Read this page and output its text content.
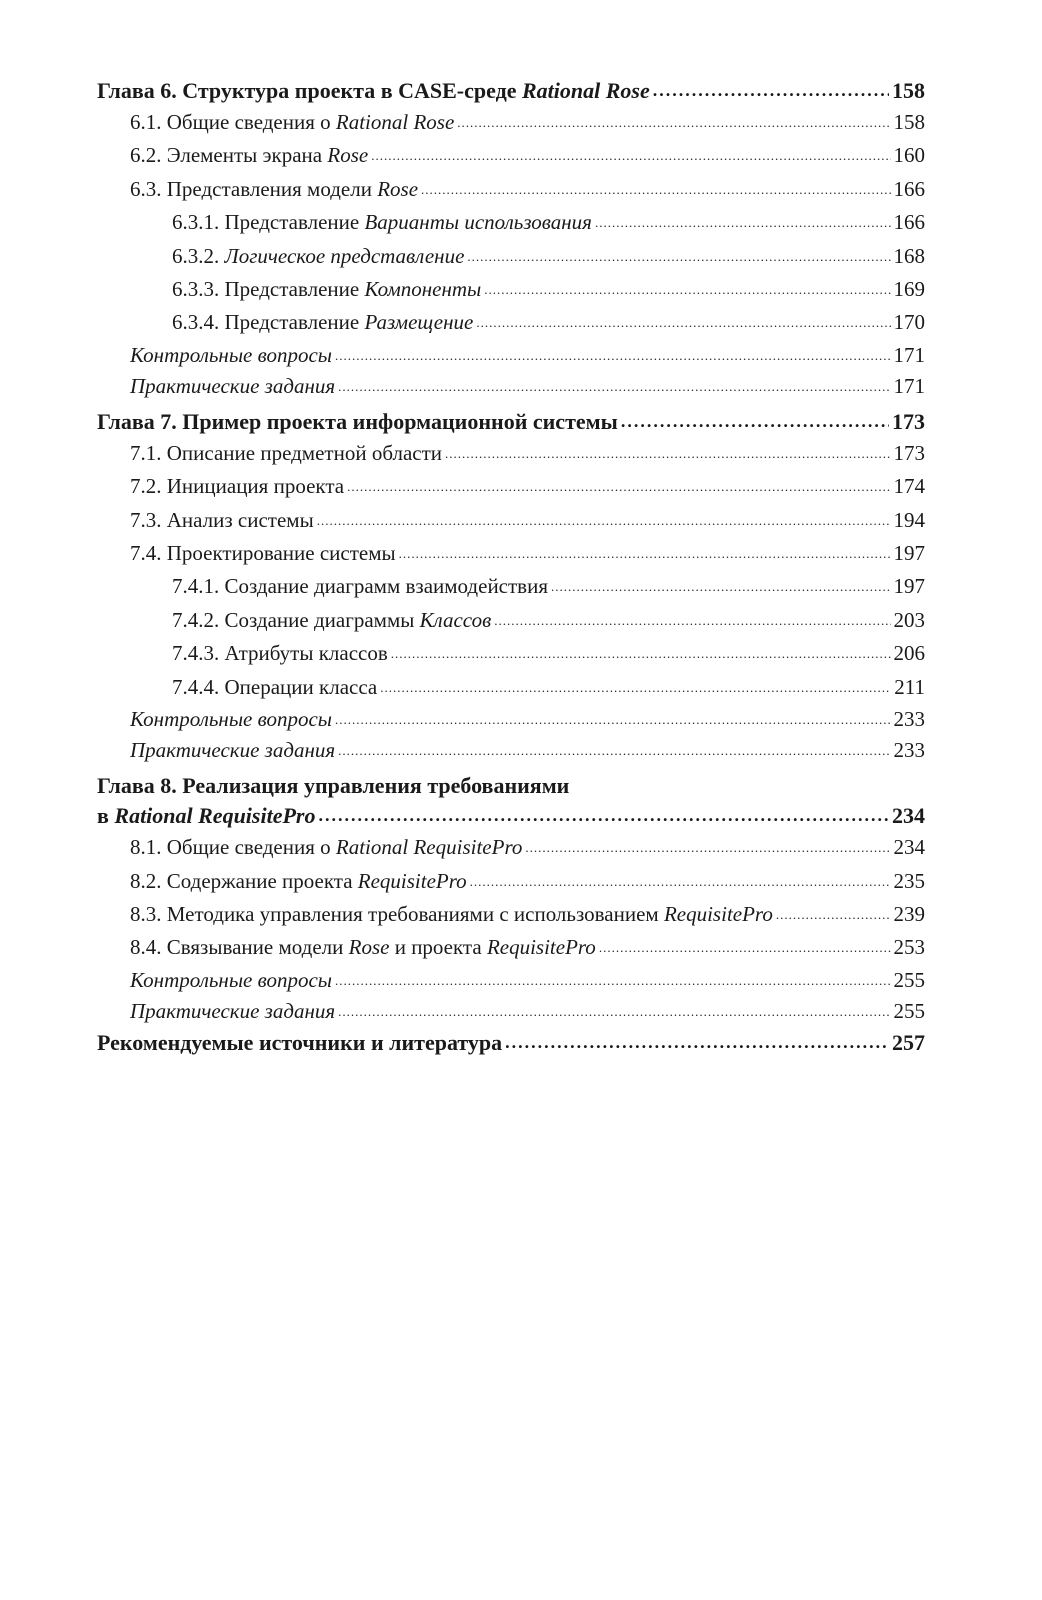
Глава 6. Структура проекта в CASE-среде Rational Rose .....	158
6.1. Общие сведения о Rational Rose .....	158
6.2. Элементы экрана Rose .....	160
6.3. Представления модели Rose .....	166
6.3.1. Представление Варианты использования .....	166
6.3.2. Логическое представление .....	168
6.3.3. Представление Компоненты .....	169
6.3.4. Представление Размещение .....	170
Контрольные вопросы .....	171
Практические задания .....	171
Глава 7. Пример проекта информационной системы .....	173
7.1. Описание предметной области .....	173
7.2. Инициация проекта .....	174
7.3. Анализ системы .....	194
7.4. Проектирование системы .....	197
7.4.1. Создание диаграмм взаимодействия .....	197
7.4.2. Создание диаграммы Классов .....	203
7.4.3. Атрибуты классов .....	206
7.4.4. Операции класса .....	211
Контрольные вопросы .....	233
Практические задания .....	233
Глава 8. Реализация управления требованиями
в Rational RequisitePro .....	234
8.1. Общие сведения о Rational RequisitePro .....	234
8.2. Содержание проекта RequisitePro .....	235
8.3. Методика управления требованиями с использованием RequisitePro .....	239
8.4. Связывание модели Rose и проекта RequisitePro .....	253
Контрольные вопросы .....	255
Практические задания .....	255
Рекомендуемые источники и литература .....	257
